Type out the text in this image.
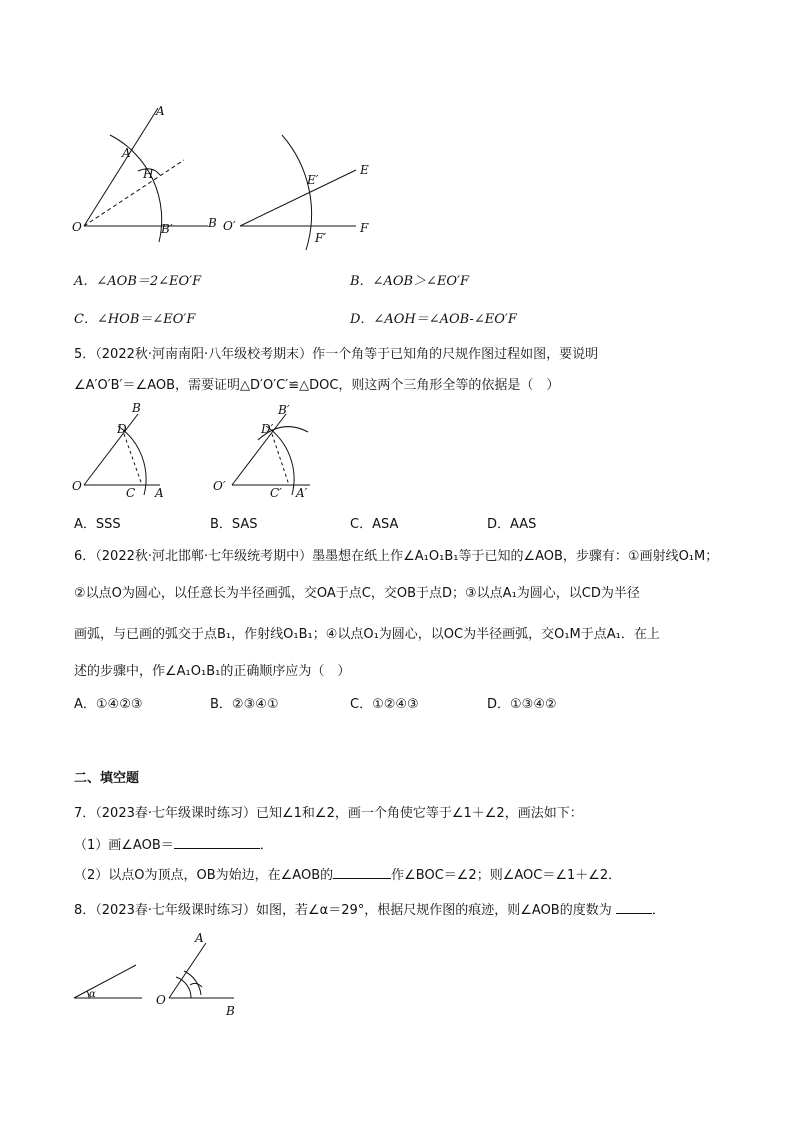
A
A′
H
O	B′	B
E′
E
O′	F
F′
A．∠AOB＝2∠EO′F	B．∠AOB＞∠EO′F
C．∠HOB＝∠EO′F	D．∠AOH＝∠AOB-∠EO′F
5．（2022秋·河南南阳·八年级校考期末）作一个角等于已知角的尺规作图过程如图，要说明
∠A′O′B′＝∠AOB，需要证明△D′O′C′≌△DOC，则这两个三角形全等的依据是（　）
B
D
O	C A
B′
D′
O′	C′ A′
A．SSS	B．SAS	C．ASA	D．AAS
6．（2022秋·河北邯郸·七年级统考期中）墨墨想在纸上作∠A₁O₁B₁等于已知的∠AOB，步骤有：①画射线O₁M；
②以点O为圆心，以任意长为半径画弧，交OA于点C，交OB于点D；③以点A₁为圆心，以CD为半径
画弧，与已画的弧交于点B₁，作射线O₁B₁；④以点O₁为圆心，以OC为半径画弧，交O₁M于点A₁．在上
述的步骤中，作∠A₁O₁B₁的正确顺序应为（　）
A．①④②③	B．②③④①	C．①②④③	D．①③④②
二、填空题
7．（2023春·七年级课时练习）已知∠1和∠2，画一个角使它等于∠1＋∠2，画法如下：
（1）画∠AOB＝	．
（2）以点O为顶点，OB为始边，在∠AOB的	作∠BOC＝∠2；则∠AOC＝∠1＋∠2．
8．（2023春·七年级课时练习）如图，若∠α＝29°，根据尺规作图的痕迹，则∠AOB的度数为	．
α
A
O
B
